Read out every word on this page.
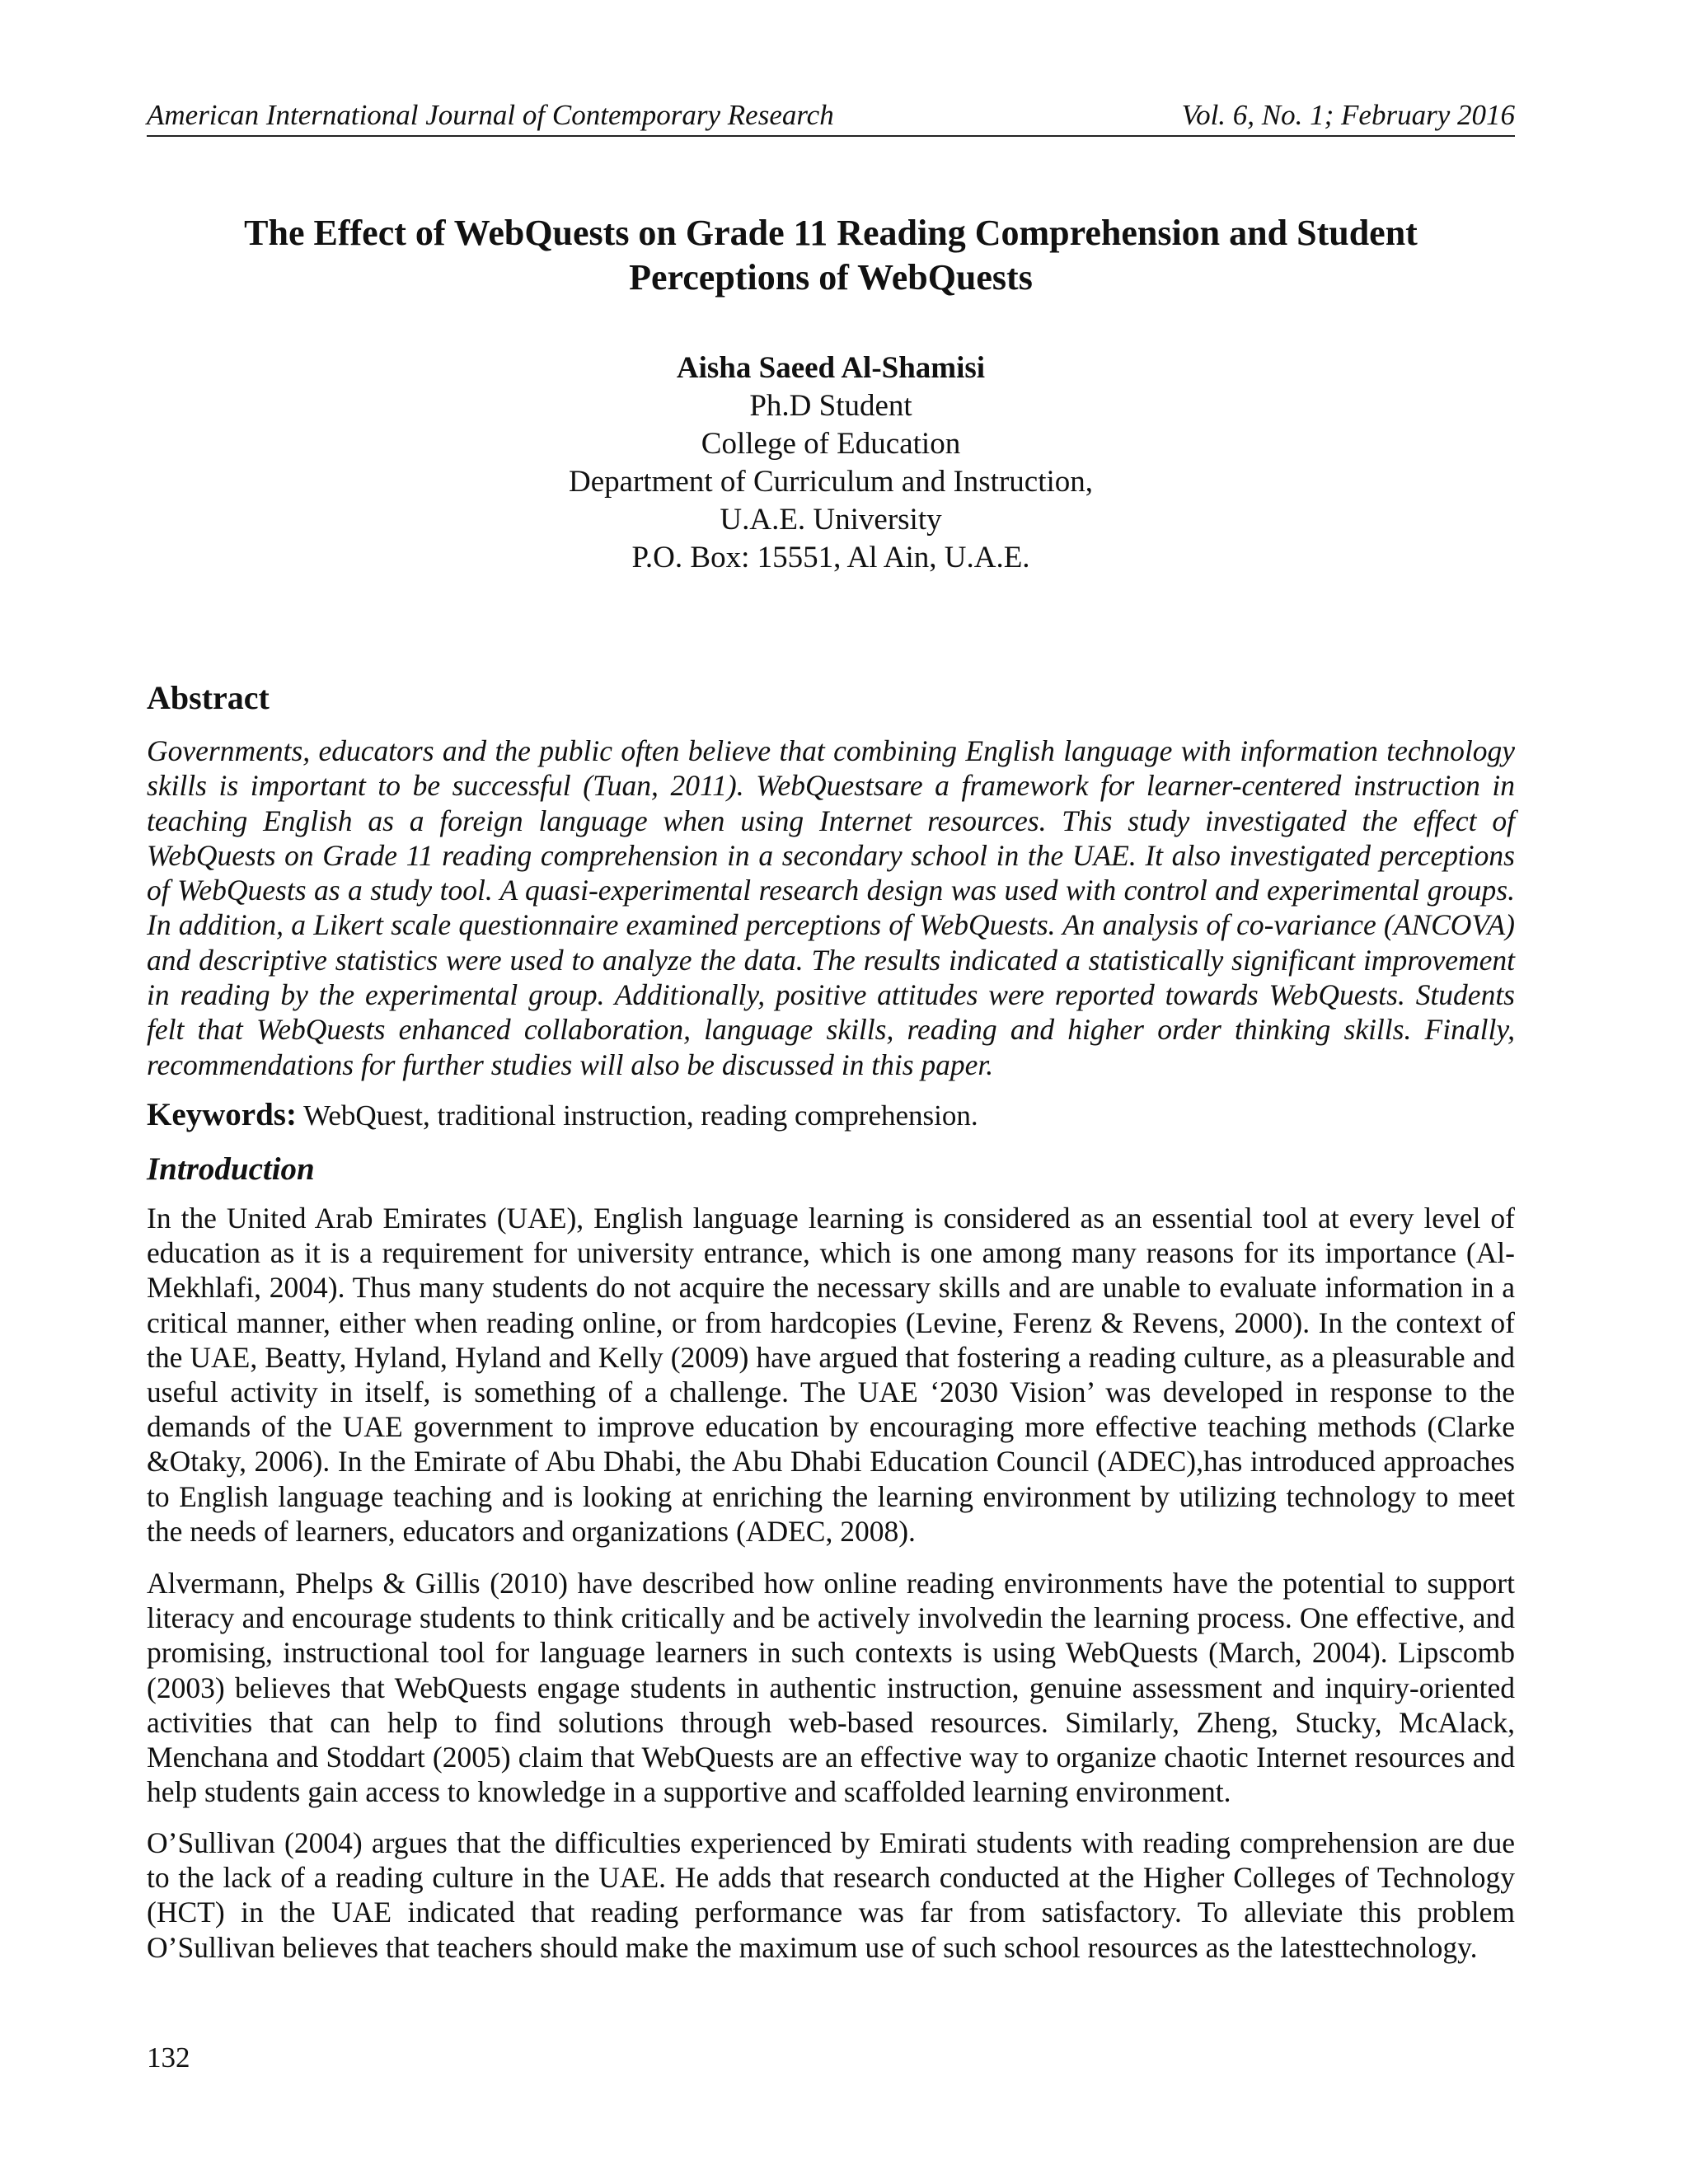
American International Journal of Contemporary Research	Vol. 6, No. 1; February 2016
The Effect of WebQuests on Grade 11 Reading Comprehension and Student
Perceptions of WebQuests
Aisha Saeed Al-Shamisi
Ph.D Student
College of Education
Department of Curriculum and Instruction,
U.A.E. University
P.O. Box: 15551, Al Ain, U.A.E.
Abstract
Governments, educators and the public often believe that combining English language with information technology skills is important to be successful (Tuan, 2011). WebQuestsare a framework for learner-centered instruction in teaching English as a foreign language when using Internet resources. This study investigated the effect of WebQuests on Grade 11 reading comprehension in a secondary school in the UAE. It also investigated perceptions of WebQuests as a study tool. A quasi-experimental research design was used with control and experimental groups. In addition, a Likert scale questionnaire examined perceptions of WebQuests. An analysis of co-variance (ANCOVA) and descriptive statistics were used to analyze the data. The results indicated a statistically significant improvement in reading by the experimental group. Additionally, positive attitudes were reported towards WebQuests. Students felt that WebQuests enhanced collaboration, language skills, reading and higher order thinking skills. Finally, recommendations for further studies will also be discussed in this paper.
Keywords: WebQuest, traditional instruction, reading comprehension.
Introduction

In the United Arab Emirates (UAE), English language learning is considered as an essential tool at every level of education as it is a requirement for university entrance, which is one among many reasons for its importance (Al-Mekhlafi, 2004). Thus many students do not acquire the necessary skills and are unable to evaluate information in a critical manner, either when reading online, or from hardcopies (Levine, Ferenz & Revens, 2000). In the context of the UAE, Beatty, Hyland, Hyland and Kelly (2009) have argued that fostering a reading culture, as a pleasurable and useful activity in itself, is something of a challenge. The UAE ‘2030 Vision’ was developed in response to the demands of the UAE government to improve education by encouraging more effective teaching methods (Clarke &Otaky, 2006). In the Emirate of Abu Dhabi, the Abu Dhabi Education Council (ADEC),has introduced approaches to English language teaching and is looking at enriching the learning environment by utilizing technology to meet the needs of learners, educators and organizations (ADEC, 2008).

Alvermann, Phelps & Gillis (2010) have described how online reading environments have the potential to support literacy and encourage students to think critically and be actively involvedin the learning process. One effective, and promising, instructional tool for language learners in such contexts is using WebQuests (March, 2004). Lipscomb (2003) believes that WebQuests engage students in authentic instruction, genuine assessment and inquiry-oriented activities that can help to find solutions through web-based resources. Similarly, Zheng, Stucky, McAlack, Menchana and Stoddart (2005) claim that WebQuests are an effective way to organize chaotic Internet resources and help students gain access to knowledge in a supportive and scaffolded learning environment.

O’Sullivan (2004) argues that the difficulties experienced by Emirati students with reading comprehension are due to the lack of a reading culture in the UAE. He adds that research conducted at the Higher Colleges of Technology (HCT) in the UAE indicated that reading performance was far from satisfactory. To alleviate this problem O’Sullivan believes that teachers should make the maximum use of such school resources as the latesttechnology.

132
